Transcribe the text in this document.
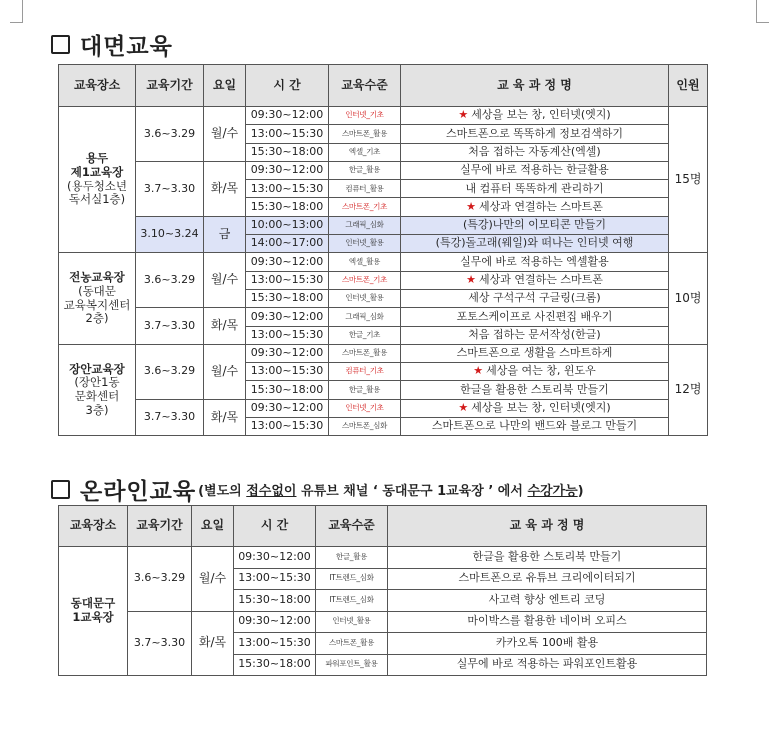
대면교육
교육장소	교육기간	요일	시 간	교육수준	교 육 과 정 명	인원
용두
제1교육장
(용두청소년
독서실1층)	3.6~3.29	월/수	09:30~12:00	인터넷_기초	★ 세상을 보는 창, 인터넷(엣지)	15명
			13:00~15:30	스마트폰_활용	스마트폰으로 똑똑하게 정보검색하기	
			15:30~18:00	엑셀_기초	처음 접하는 자동계산(엑셀)	
	3.7~3.30	화/목	09:30~12:00	한글_활용	실무에 바로 적용하는 한글활용	
			13:00~15:30	컴퓨터_활용	내 컴퓨터 똑똑하게 관리하기	
			15:30~18:00	스마트폰_기초	★ 세상과 연결하는 스마트폰	
	3.10~3.24	금	10:00~13:00	그래픽_심화	(특강)나만의 이모티콘 만들기	
			14:00~17:00	인터넷_활용	(특강)돌고래(웨일)와 떠나는 인터넷 여행	
전농교육장
(동대문
교육복지센터
2층)	3.6~3.29	월/수	09:30~12:00	엑셀_활용	실무에 바로 적용하는 엑셀활용	10명
			13:00~15:30	스마트폰_기초	★ 세상과 연결하는 스마트폰	
			15:30~18:00	인터넷_활용	세상 구석구석 구글링(크롬)	
	3.7~3.30	화/목	09:30~12:00	그래픽_심화	포토스케이프로 사진편집 배우기	
			13:00~15:30	한글_기초	처음 접하는 문서작성(한글)	
장안교육장
(장안1동
문화센터
3층)	3.6~3.29	월/수	09:30~12:00	스마트폰_활용	스마트폰으로 생활을 스마트하게	12명
			13:00~15:30	컴퓨터_기초	★ 세상을 여는 창, 윈도우	
			15:30~18:00	한글_활용	한글을 활용한 스토리북 만들기	
	3.7~3.30	화/목	09:30~12:00	인터넷_기초	★ 세상을 보는 창, 인터넷(엣지)	
			13:00~15:30	스마트폰_심화	스마트폰으로 나만의 밴드와 블로그 만들기	
온라인교육 (별도의 접수없이 유튜브 채널 ‘ 동대문구 1교육장 ’ 에서 수강가능)
교육장소	교육기간	요일	시 간	교육수준	교 육 과 정 명
동대문구
1교육장	3.6~3.29	월/수	09:30~12:00	한글_활용	한글을 활용한 스토리북 만들기
			13:00~15:30	IT트렌드_심화	스마트폰으로 유튜브 크리에이터되기
			15:30~18:00	IT트렌드_심화	사고력 향상 엔트리 코딩
	3.7~3.30	화/목	09:30~12:00	인터넷_활용	마이박스를 활용한 네이버 오피스
			13:00~15:30	스마트폰_활용	카카오톡 100배 활용
			15:30~18:00	파워포인트_활용	실무에 바로 적용하는 파워포인트활용
